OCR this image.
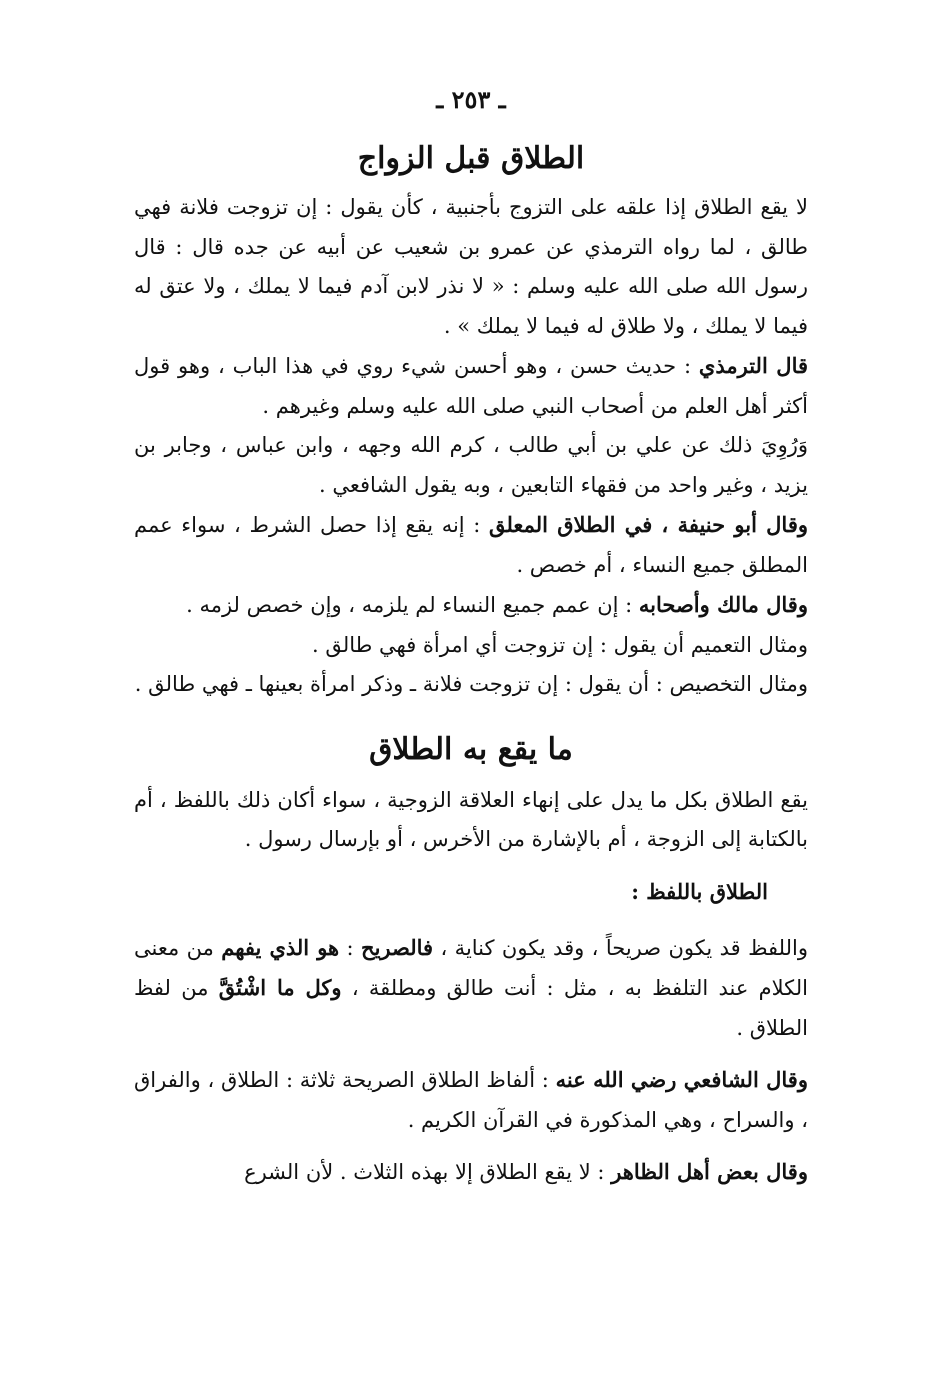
ـ ٢٥٣ ـ
الطلاق قبل الزواج

لا يقع الطلاق إذا علقه على التزوج بأجنبية ، كأن يقول : إن تزوجت فلانة فهي طالق ، لما رواه الترمذي عن عمرو بن شعيب عن أبيه عن جده قال : قال رسول الله صلى الله عليه وسلم : « لا نذر لابن آدم فيما لا يملك ، ولا عتق له فيما لا يملك ، ولا طلاق له فيما لا يملك » .

قال الترمذي : حديث حسن ، وهو أحسن شيء روي في هذا الباب ، وهو قول أكثر أهل العلم من أصحاب النبي صلى الله عليه وسلم وغيرهم .

وَرُوِيَ ذلك عن علي بن أبي طالب ، كرم الله وجهه ، وابن عباس ، وجابر بن يزيد ، وغير واحد من فقهاء التابعين ، وبه يقول الشافعي .

وقال أبو حنيفة ، في الطلاق المعلق : إنه يقع إذا حصل الشرط ، سواء عمم المطلق جميع النساء ، أم خصص .

وقال مالك وأصحابه : إن عمم جميع النساء لم يلزمه ، وإن خصص لزمه .

ومثال التعميم أن يقول : إن تزوجت أي امرأة فهي طالق .

ومثال التخصيص : أن يقول : إن تزوجت فلانة ـ وذكر امرأة بعينها ـ فهي طالق .

ما يقع به الطلاق

يقع الطلاق بكل ما يدل على إنهاء العلاقة الزوجية ، سواء أكان ذلك باللفظ ، أم بالكتابة إلى الزوجة ، أم بالإشارة من الأخرس ، أو بإرسال رسول .

الطلاق باللفظ :

واللفظ قد يكون صريحاً ، وقد يكون كناية ، فالصريح : هو الذي يفهم من معنى الكلام عند التلفظ به ، مثل : أنت طالق ومطلقة ، وكل ما اشْتُقَّ من لفظ الطلاق .

وقال الشافعي رضي الله عنه : ألفاظ الطلاق الصريحة ثلاثة : الطلاق ، والفراق ، والسراح ، وهي المذكورة في القرآن الكريم .

وقال بعض أهل الظاهر : لا يقع الطلاق إلا بهذه الثلاث . لأن الشرع
